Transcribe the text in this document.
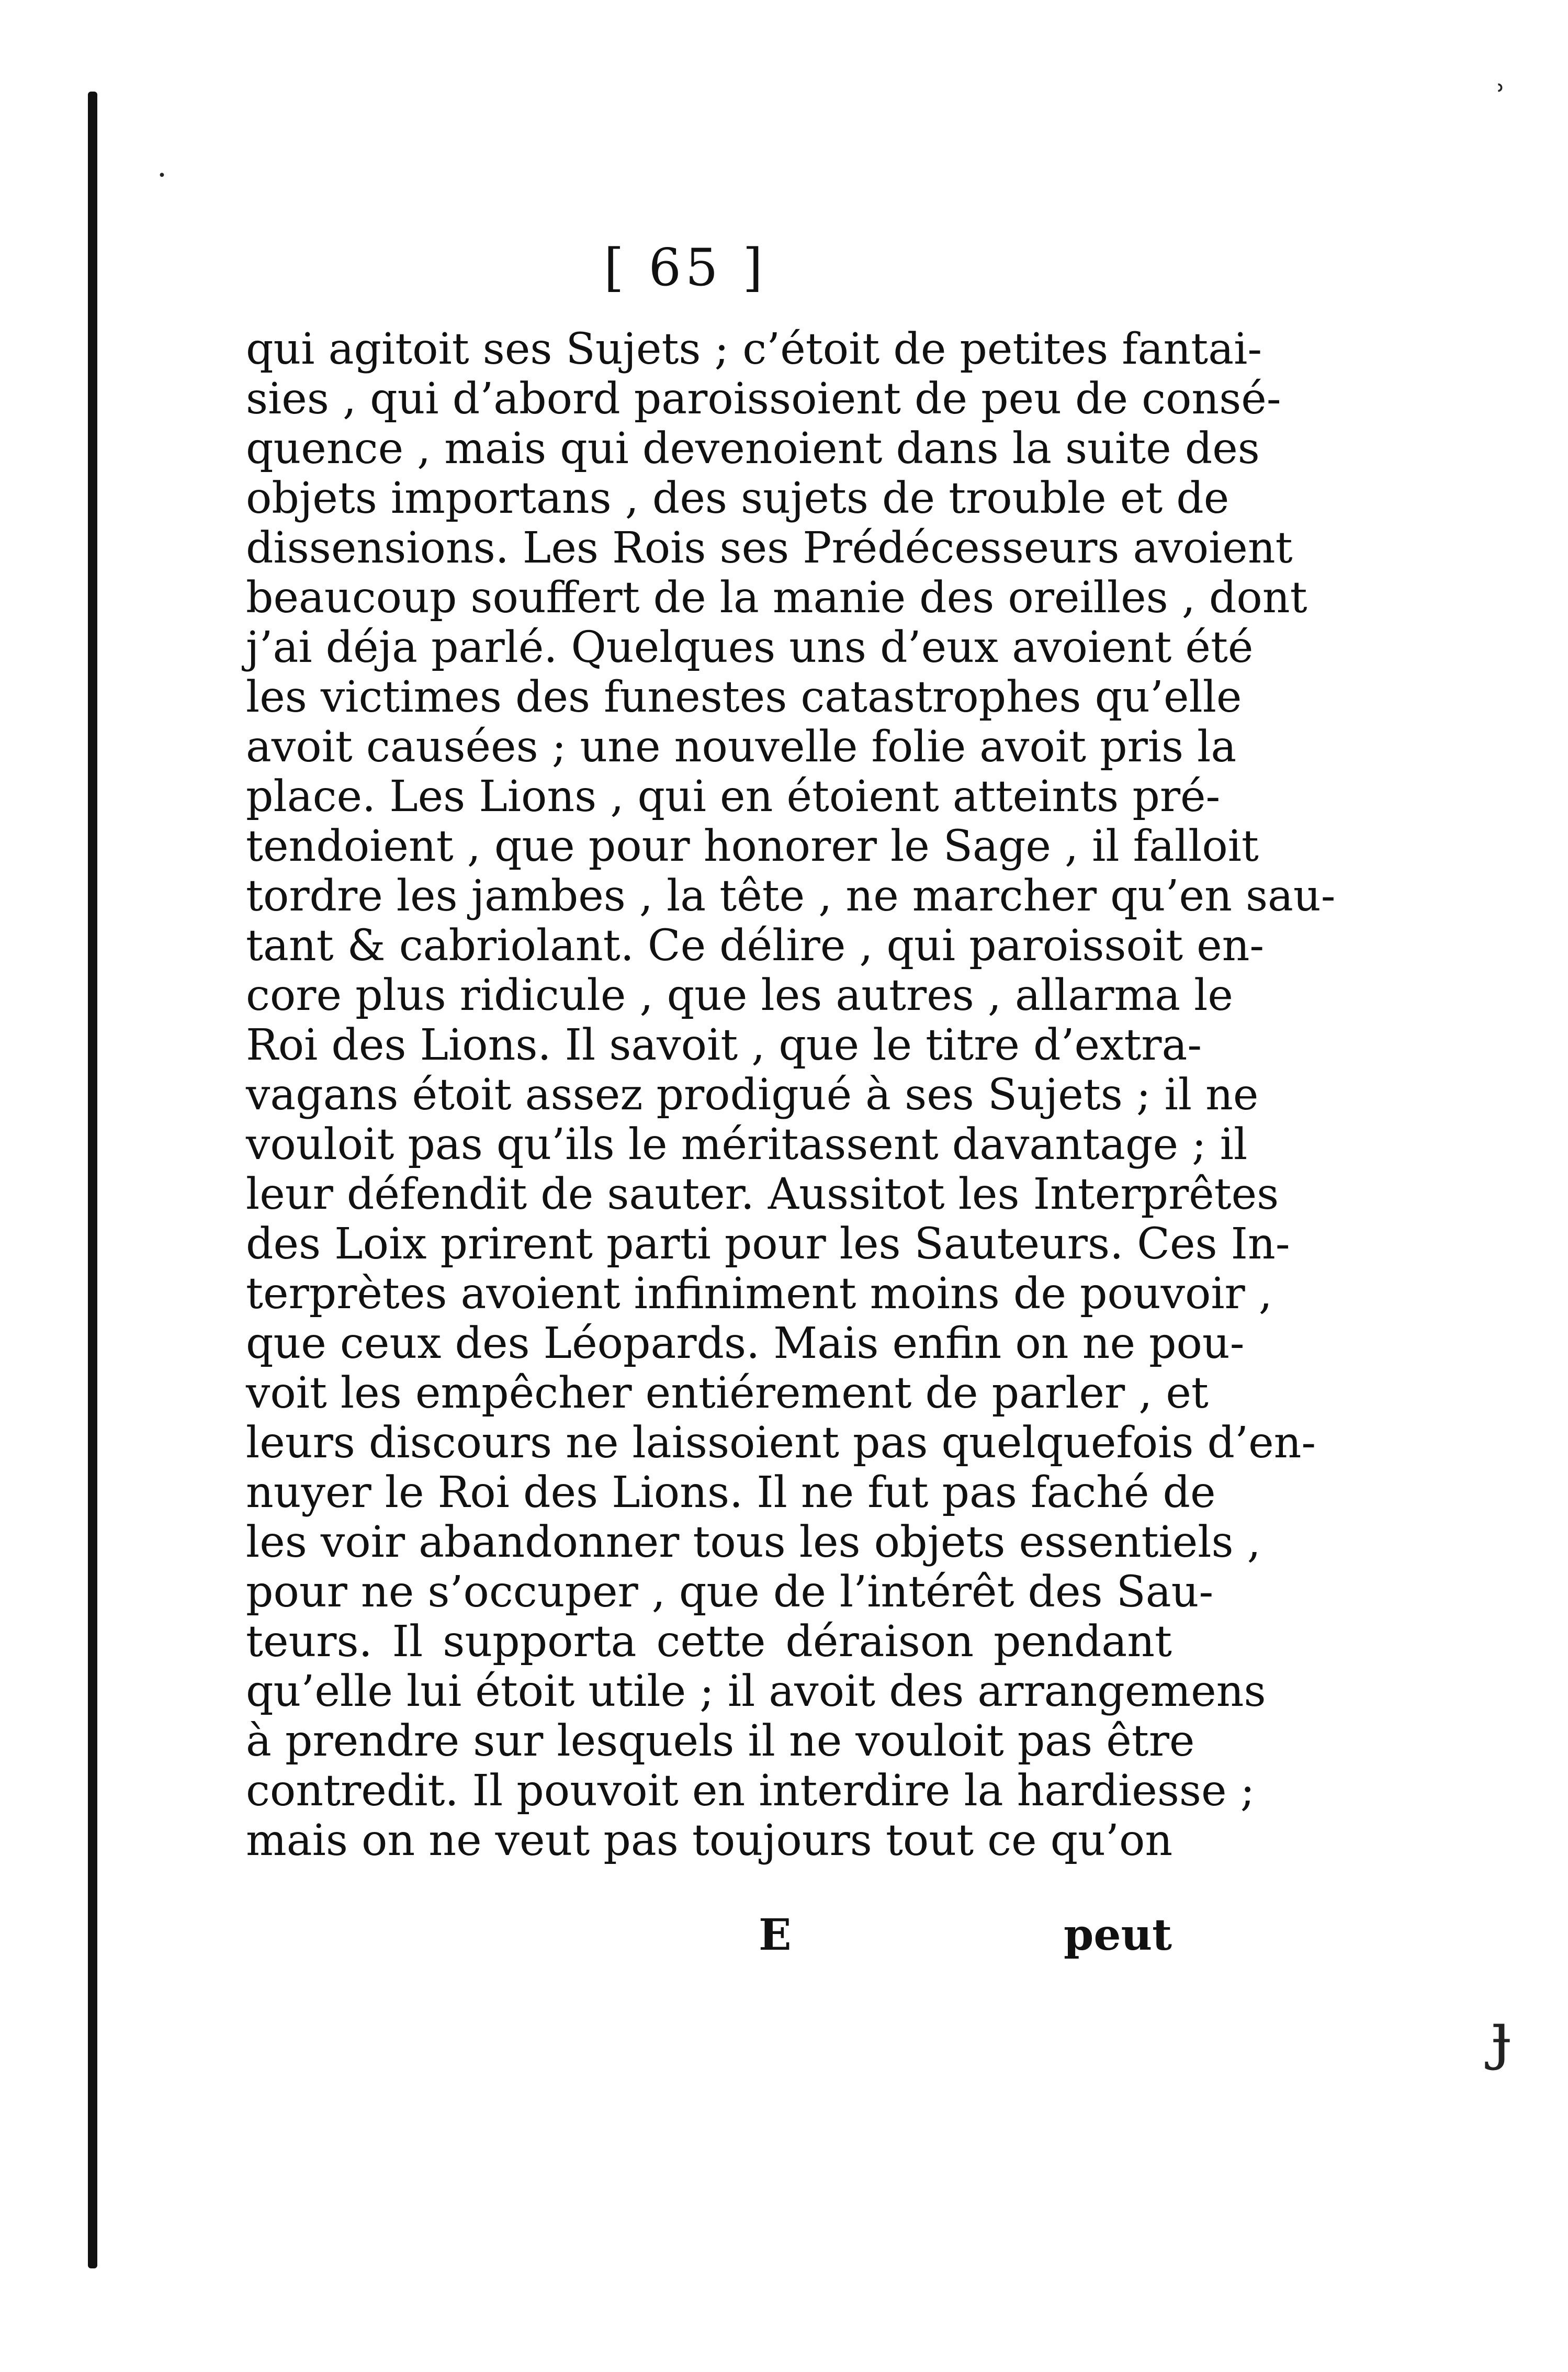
·
ʾ
ɟ
[ 65 ]
qui agitoit ses Sujets ; c’étoit de petites fantai-
sies , qui d’abord paroissoient de peu de consé-
quence , mais qui devenoient dans la suite des
objets importans , des sujets de trouble et de
dissensions. Les Rois ses Prédécesseurs avoient
beaucoup souffert de la manie des oreilles , dont
j’ai déja parlé. Quelques uns d’eux avoient été
les victimes des funestes catastrophes qu’elle
avoit causées ; une nouvelle folie avoit pris la
place. Les Lions , qui en étoient atteints pré-
tendoient , que pour honorer le Sage , il falloit
tordre les jambes , la tête , ne marcher qu’en sau-
tant & cabriolant. Ce délire , qui paroissoit en-
core plus ridicule , que les autres , allarma le
Roi des Lions. Il savoit , que le titre d’extra-
vagans étoit assez prodigué à ses Sujets ; il ne
vouloit pas qu’ils le méritassent davantage ; il
leur défendit de sauter. Aussitot les Interprêtes
des Loix prirent parti pour les Sauteurs. Ces In-
terprètes avoient infiniment moins de pouvoir ,
que ceux des Léopards. Mais enfin on ne pou-
voit les empêcher entiérement de parler , et
leurs discours ne laissoient pas quelquefois d’en-
nuyer le Roi des Lions. Il ne fut pas faché de
les voir abandonner tous les objets essentiels ,
pour ne s’occuper , que de l’intérêt des Sau-
teurs. Il supporta cette déraison pendant
qu’elle lui étoit utile ; il avoit des arrangemens
à prendre sur lesquels il ne vouloit pas être
contredit. Il pouvoit en interdire la hardiesse ;
mais on ne veut pas toujours tout ce qu’on
E	peut
